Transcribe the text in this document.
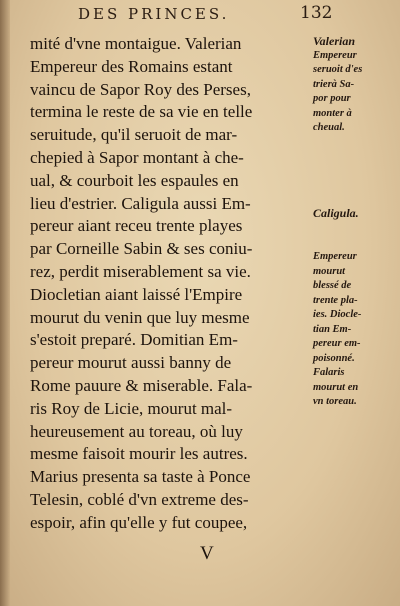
DES PRINCES.	132
mité d'vne montaigue. Valerian
Empereur des Romains estant
vaincu de Sapor Roy des Perses,
termina le reste de sa vie en telle
seruitude, qu'il seruoit de mar-
chepied à Sapor montant à che-
ual, & courboit les espaules en
lieu d'estrier. Caligula aussi Em-
pereur aiant receu trente playes
par Corneille Sabin & ses coniu-
rez, perdit miserablement sa vie.
Diocletian aiant laissé l'Empire
mourut du venin que luy mesme
s'estoit preparé. Domitian Em-
pereur mourut aussi banny de
Rome pauure & miserable. Fala-
ris Roy de Licie, mourut mal-
heureusement au toreau, où luy
mesme faisoit mourir les autres.
Marius presenta sa taste à Ponce
Telesin, coblé d'vn extreme des-
espoir, afin qu'elle y fut coupee,
V
Valerian
Empereur
seruoit d'es
trierà Sa-
por pour
monter à
cheual.
Caligula.
Empereur
mourut
blessé de
trente pla-
ies. Diocle-
tian Em-
pereur em-
poisonné.
Falaris
mourut en
vn toreau.
